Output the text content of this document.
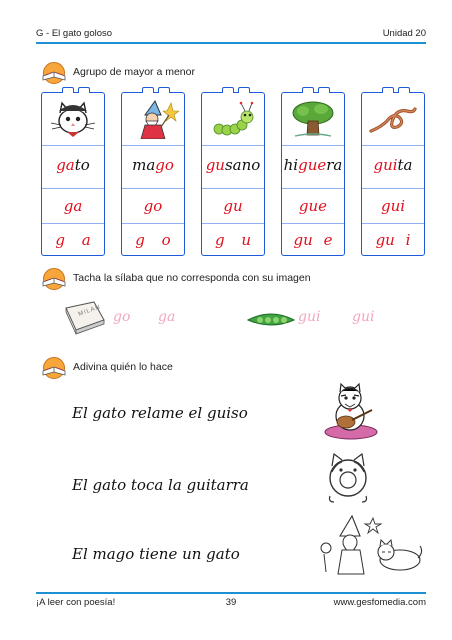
G - El gato goloso	Unidad 20
Agrupo de mayor a menor
gato
ga
g a
mago
go
g o
gusano
gu
g u
higuera
gue
gu e
guita
gui
gu i
Tacha la sílaba que no corresponda con su imagen
MILAN go ga	gui gui
Adivina quién lo hace
El gato relame el guiso
El gato toca la guitarra
El mago tiene un gato
¡A leer con poesía!	39	www.gesfomedia.com
